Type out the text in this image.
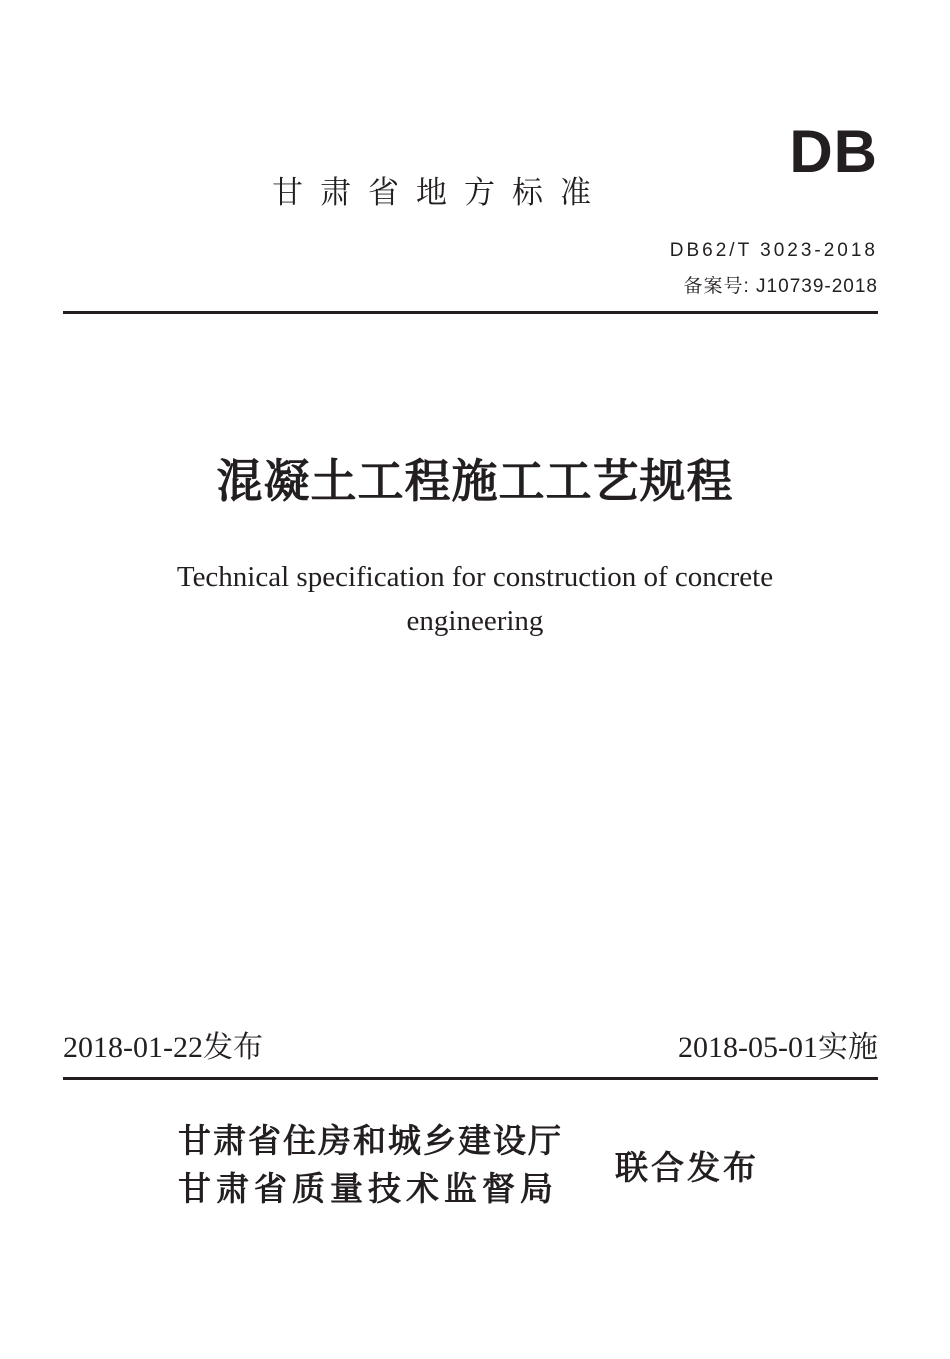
DB
甘肃省地方标准
DB62/T 3023-2018
备案号: J10739-2018
混凝土工程施工工艺规程
Technical specification for construction of concrete
engineering
2018-01-22发布	2018-05-01实施
甘肃省住房和城乡建设厅
甘肃省质量技术监督局
联合发布
